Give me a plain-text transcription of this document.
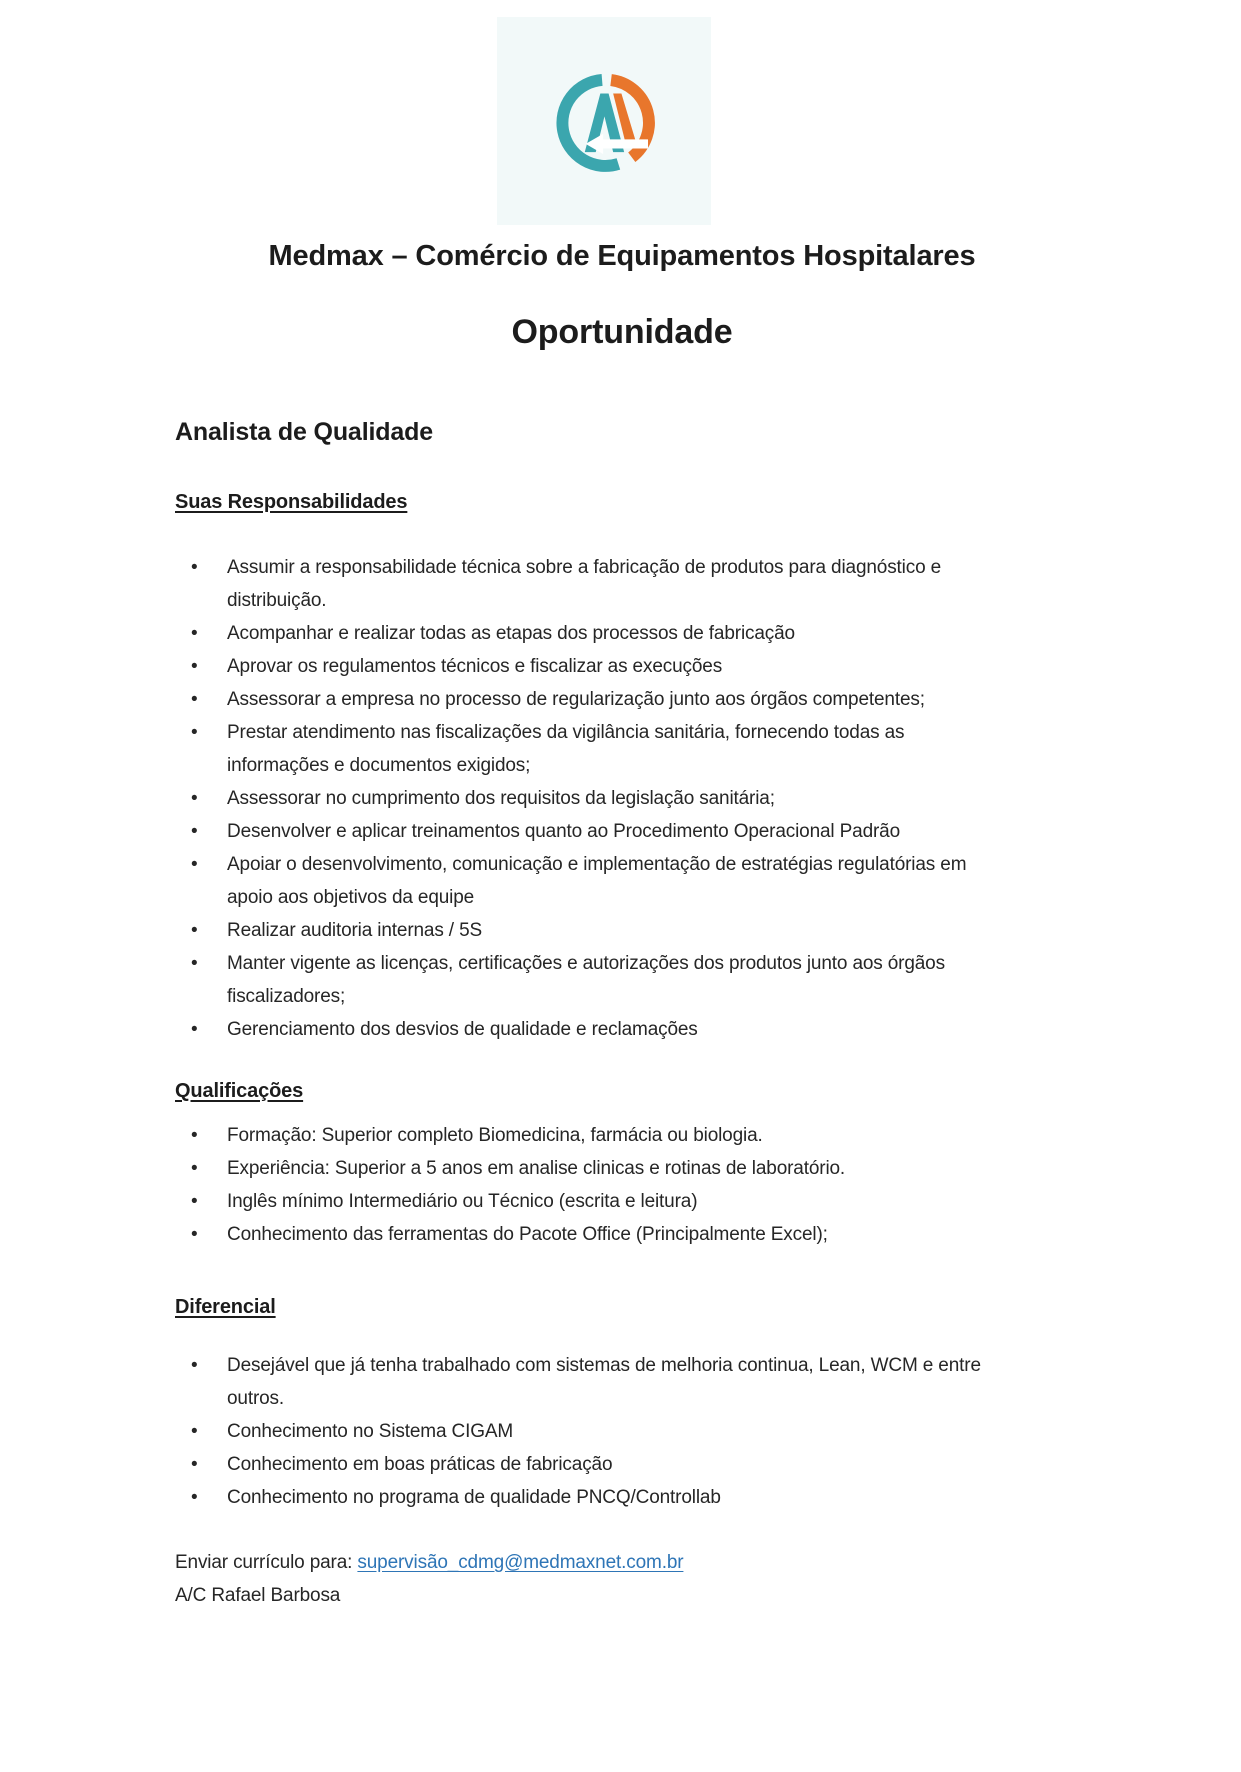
Medmax – Comércio de Equipamentos Hospitalares
Oportunidade
Analista de Qualidade
Suas Responsabilidades
• Assumir a responsabilidade técnica sobre a fabricação de produtos para diagnóstico e distribuição.
• Acompanhar e realizar todas as etapas dos processos de fabricação
• Aprovar os regulamentos técnicos e fiscalizar as execuções
• Assessorar a empresa no processo de regularização junto aos órgãos competentes;
• Prestar atendimento nas fiscalizações da vigilância sanitária, fornecendo todas as informações e documentos exigidos;
• Assessorar no cumprimento dos requisitos da legislação sanitária;
• Desenvolver e aplicar treinamentos quanto ao Procedimento Operacional Padrão
• Apoiar o desenvolvimento, comunicação e implementação de estratégias regulatórias em apoio aos objetivos da equipe
• Realizar auditoria internas / 5S
• Manter vigente as licenças, certificações e autorizações dos produtos junto aos órgãos fiscalizadores;
• Gerenciamento dos desvios de qualidade e reclamações
Qualificações
• Formação: Superior completo Biomedicina, farmácia ou biologia.
• Experiência: Superior a 5 anos em analise clinicas e rotinas de laboratório.
• Inglês mínimo Intermediário ou Técnico (escrita e leitura)
• Conhecimento das ferramentas do Pacote Office (Principalmente Excel);
Diferencial
• Desejável que já tenha trabalhado com sistemas de melhoria continua, Lean, WCM e entre outros.
• Conhecimento no Sistema CIGAM
• Conhecimento em boas práticas de fabricação
• Conhecimento no programa de qualidade PNCQ/Controllab

Enviar currículo para: supervisão_cdmg@medmaxnet.com.br

A/C Rafael Barbosa
